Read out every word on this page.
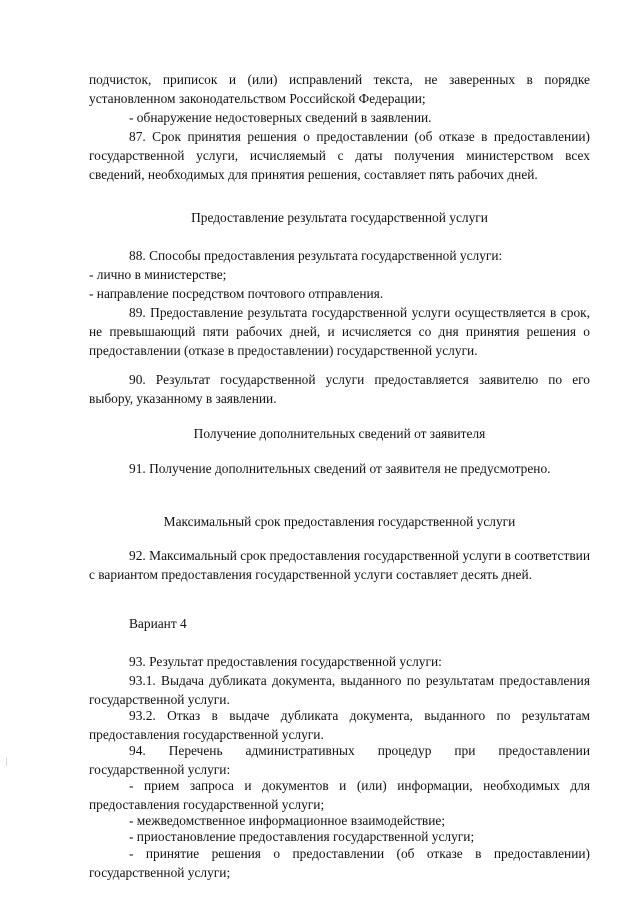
подчисток, приписок и (или) исправлений текста, не заверенных в порядке установленном законодательством Российской Федерации;

- обнаружение недостоверных сведений в заявлении.

87. Срок принятия решения о предоставлении (об отказе в предоставлении) государственной услуги, исчисляемый с даты получения министерством всех сведений, необходимых для принятия решения, составляет пять рабочих дней.

Предоставление результата государственной услуги

88. Способы предоставления результата государственной услуги:

- лично в министерстве;

- направление посредством почтового отправления.

89. Предоставление результата государственной услуги осуществляется в срок, не превышающий пяти рабочих дней, и исчисляется со дня принятия решения о предоставлении (отказе в предоставлении) государственной услуги.

90. Результат государственной услуги предоставляется заявителю по его выбору, указанному в заявлении.

Получение дополнительных сведений от заявителя

91. Получение дополнительных сведений от заявителя не предусмотрено.

Максимальный срок предоставления государственной услуги

92. Максимальный срок предоставления государственной услуги в соответствии с вариантом предоставления государственной услуги составляет десять дней.

Вариант 4

93. Результат предоставления государственной услуги:

93.1. Выдача дубликата документа, выданного по результатам предоставления государственной услуги.

93.2. Отказ в выдаче дубликата документа, выданного по результатам предоставления государственной услуги.

94. Перечень административных процедур при предоставлении государственной услуги:

- прием запроса и документов и (или) информации, необходимых для предоставления государственной услуги;

- межведомственное информационное взаимодействие;

- приостановление предоставления государственной услуги;

- принятие решения о предоставлении (об отказе в предоставлении) государственной услуги;
